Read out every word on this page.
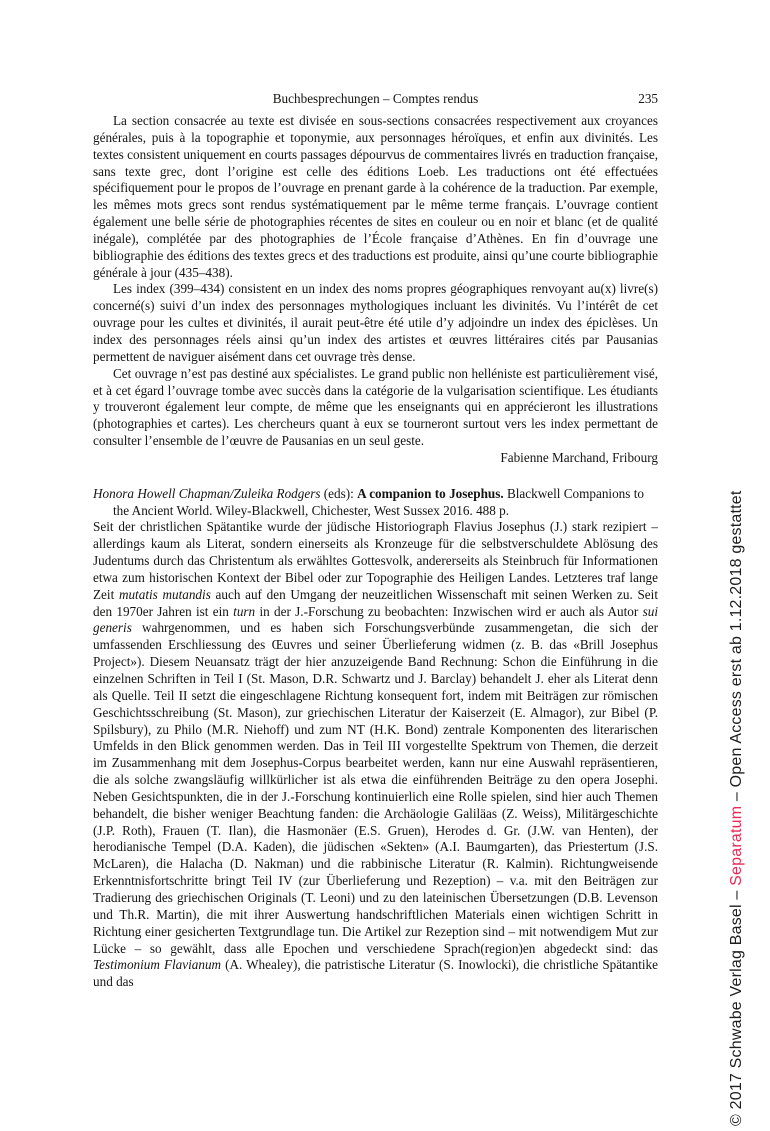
Buchbesprechungen – Comptes rendus	235

La section consacrée au texte est divisée en sous-sections consacrées respectivement aux croyances générales, puis à la topographie et toponymie, aux personnages héroïques, et enfin aux divinités. Les textes consistent uniquement en courts passages dépourvus de commentaires livrés en traduction française, sans texte grec, dont l’origine est celle des éditions Loeb. Les traductions ont été effectuées spécifiquement pour le propos de l’ouvrage en prenant garde à la cohérence de la traduction. Par exemple, les mêmes mots grecs sont rendus systématiquement par le même terme français. L’ouvrage contient également une belle série de photographies récentes de sites en couleur ou en noir et blanc (et de qualité inégale), complétée par des photographies de l’École française d’Athènes. En fin d’ouvrage une bibliographie des éditions des textes grecs et des traductions est produite, ainsi qu’une courte bibliographie générale à jour (435–438).

Les index (399–434) consistent en un index des noms propres géographiques renvoyant au(x) livre(s) concerné(s) suivi d’un index des personnages mythologiques incluant les divinités. Vu l’intérêt de cet ouvrage pour les cultes et divinités, il aurait peut-être été utile d’y adjoindre un index des épiclèses. Un index des personnages réels ainsi qu’un index des artistes et œuvres littéraires cités par Pausanias permettent de naviguer aisément dans cet ouvrage très dense.

Cet ouvrage n’est pas destiné aux spécialistes. Le grand public non helléniste est particulièrement visé, et à cet égard l’ouvrage tombe avec succès dans la catégorie de la vulgarisation scientifique. Les étudiants y trouveront également leur compte, de même que les enseignants qui en apprécieront les illustrations (photographies et cartes). Les chercheurs quant à eux se tourneront surtout vers les index permettant de consulter l’ensemble de l’œuvre de Pausanias en un seul geste.

Fabienne Marchand, Fribourg

Honora Howell Chapman/Zuleika Rodgers (eds): A companion to Josephus. Blackwell Companions to the Ancient World. Wiley-Blackwell, Chichester, West Sussex 2016. 488 p.

Seit der christlichen Spätantike wurde der jüdische Historiograph Flavius Josephus (J.) stark rezipiert – allerdings kaum als Literat, sondern einerseits als Kronzeuge für die selbstverschuldete Ablösung des Judentums durch das Christentum als erwähltes Gottesvolk, andererseits als Steinbruch für Informationen etwa zum historischen Kontext der Bibel oder zur Topographie des Heiligen Landes. Letzteres traf lange Zeit mutatis mutandis auch auf den Umgang der neuzeitlichen Wissenschaft mit seinen Werken zu. Seit den 1970er Jahren ist ein turn in der J.-Forschung zu beobachten: Inzwischen wird er auch als Autor sui generis wahrgenommen, und es haben sich Forschungsverbünde zusammengetan, die sich der umfassenden Erschliessung des Œuvres und seiner Überlieferung widmen (z. B. das «Brill Josephus Project»). Diesem Neuansatz trägt der hier anzuzeigende Band Rechnung: Schon die Einführung in die einzelnen Schriften in Teil I (St. Mason, D.R. Schwartz und J. Barclay) behandelt J. eher als Literat denn als Quelle. Teil II setzt die eingeschlagene Richtung konsequent fort, indem mit Beiträgen zur römischen Geschichtsschreibung (St. Mason), zur griechischen Literatur der Kaiserzeit (E. Almagor), zur Bibel (P. Spilsbury), zu Philo (M.R. Niehoff) und zum NT (H.K. Bond) zentrale Komponenten des literarischen Umfelds in den Blick genommen werden. Das in Teil III vorgestellte Spektrum von Themen, die derzeit im Zusammenhang mit dem Josephus-Corpus bearbeitet werden, kann nur eine Auswahl repräsentieren, die als solche zwangsläufig willkürlicher ist als etwa die einführenden Beiträge zu den opera Josephi. Neben Gesichtspunkten, die in der J.-Forschung kontinuierlich eine Rolle spielen, sind hier auch Themen behandelt, die bisher weniger Beachtung fanden: die Archäologie Galiläas (Z. Weiss), Militärgeschichte (J.P. Roth), Frauen (T. Ilan), die Hasmonäer (E.S. Gruen), Herodes d. Gr. (J.W. van Henten), der herodianische Tempel (D.A. Kaden), die jüdischen «Sekten» (A.I. Baumgarten), das Priestertum (J.S. McLaren), die Halacha (D. Nakman) und die rabbinische Literatur (R. Kalmin). Richtungweisende Erkenntnisfortschritte bringt Teil IV (zur Überlieferung und Rezeption) – v.a. mit den Beiträgen zur Tradierung des griechischen Originals (T. Leoni) und zu den lateinischen Übersetzungen (D.B. Levenson und Th.R. Martin), die mit ihrer Auswertung handschriftlichen Materials einen wichtigen Schritt in Richtung einer gesicherten Textgrundlage tun. Die Artikel zur Rezeption sind – mit notwendigem Mut zur Lücke – so gewählt, dass alle Epochen und verschiedene Sprach(region)en abgedeckt sind: das Testimonium Flavianum (A. Whealey), die patristische Literatur (S. Inowlocki), die christliche Spätantike und das	© 2017 Schwabe Verlag Basel – Separatum – Open Access erst ab 1.12.2018 gestattet
